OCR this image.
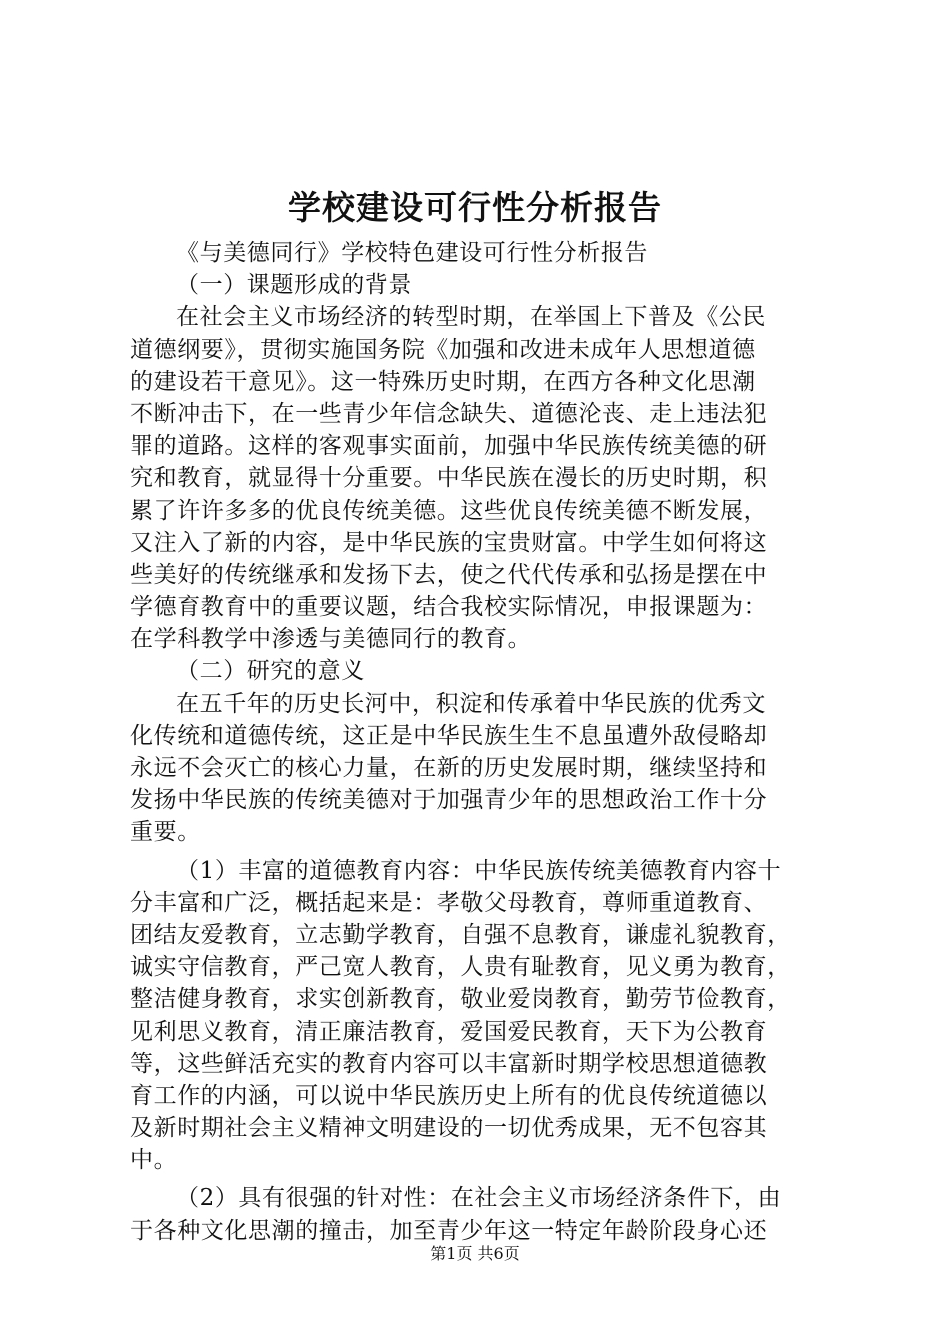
学校建设可行性分析报告
《与美德同行》学校特色建设可行性分析报告
（一）课题形成的背景
在社会主义市场经济的转型时期，在举国上下普及《公民
道德纲要》，贯彻实施国务院《加强和改进未成年人思想道德
的建设若干意见》。这一特殊历史时期，在西方各种文化思潮
不断冲击下，在一些青少年信念缺失、道德沦丧、走上违法犯
罪的道路。这样的客观事实面前，加强中华民族传统美德的研
究和教育，就显得十分重要。中华民族在漫长的历史时期，积
累了许许多多的优良传统美德。这些优良传统美德不断发展，
又注入了新的内容，是中华民族的宝贵财富。中学生如何将这
些美好的传统继承和发扬下去，使之代代传承和弘扬是摆在中
学德育教育中的重要议题，结合我校实际情况，申报课题为：
在学科教学中渗透与美德同行的教育。
（二）研究的意义
在五千年的历史长河中，积淀和传承着中华民族的优秀文
化传统和道德传统，这正是中华民族生生不息虽遭外敌侵略却
永远不会灭亡的核心力量，在新的历史发展时期，继续坚持和
发扬中华民族的传统美德对于加强青少年的思想政治工作十分
重要。
（1）丰富的道德教育内容：中华民族传统美德教育内容十
分丰富和广泛，概括起来是：孝敬父母教育，尊师重道教育、
团结友爱教育，立志勤学教育，自强不息教育，谦虚礼貌教育，
诚实守信教育，严己宽人教育，人贵有耻教育，见义勇为教育，
整洁健身教育，求实创新教育，敬业爱岗教育，勤劳节俭教育，
见利思义教育，清正廉洁教育，爱国爱民教育，天下为公教育
等，这些鲜活充实的教育内容可以丰富新时期学校思想道德教
育工作的内涵，可以说中华民族历史上所有的优良传统道德以
及新时期社会主义精神文明建设的一切优秀成果，无不包容其
中。
（2）具有很强的针对性：在社会主义市场经济条件下，由
于各种文化思潮的撞击，加至青少年这一特定年龄阶段身心还
第1页 共6页
